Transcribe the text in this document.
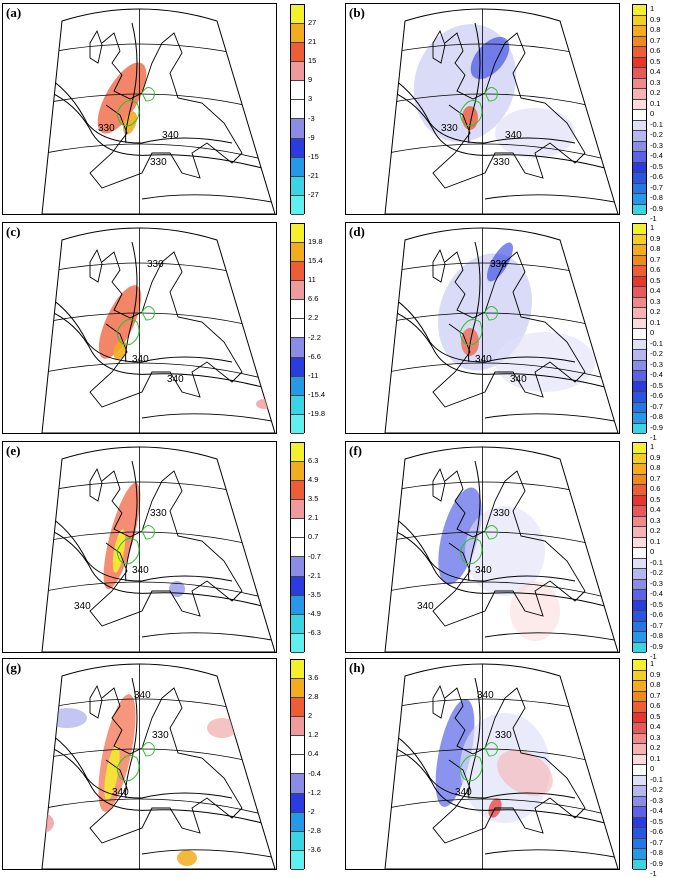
330
340
330
(a)
27
21
15
9
3
-3
-9
-15
-21
-27
330
340
330
(b)	1
0.9
0.8
0.7
0.6
0.5
0.4
0.3
0.2
0.1
0
-0.1
-0.2
-0.3
-0.4
-0.5
-0.6
-0.7
-0.8
-0.9
-1
330
340
340
(c)
19.8
15.4
11
6.6
2.2
-2.2
-6.6
-11
-15.4
-19.8
330
340
340
(d)	1
0.9
0.8
0.7
0.6
0.5
0.4
0.3
0.2
0.1
0
-0.1
-0.2
-0.3
-0.4
-0.5
-0.6
-0.7
-0.8
-0.9
-1
330
340
340
(e)
6.3
4.9
3.5
2.1
0.7
-0.7
-2.1
-3.5
-4.9
-6.3
330
340
340
(f)	1
0.9
0.8
0.7
0.6
0.5
0.4
0.3
0.2
0.1
0
-0.1
-0.2
-0.3
-0.4
-0.5
-0.6
-0.7
-0.8
-0.9
-1
330
340
340
(g)
3.6
2.8
2
1.2
0.4
-0.4
-1.2
-2
-2.8
-3.6
330
340
340
(h)	1
0.9
0.8
0.7
0.6
0.5
0.4
0.3
0.2
0.1
0
-0.1
-0.2
-0.3
-0.4
-0.5
-0.6
-0.7
-0.8
-0.9
-1
